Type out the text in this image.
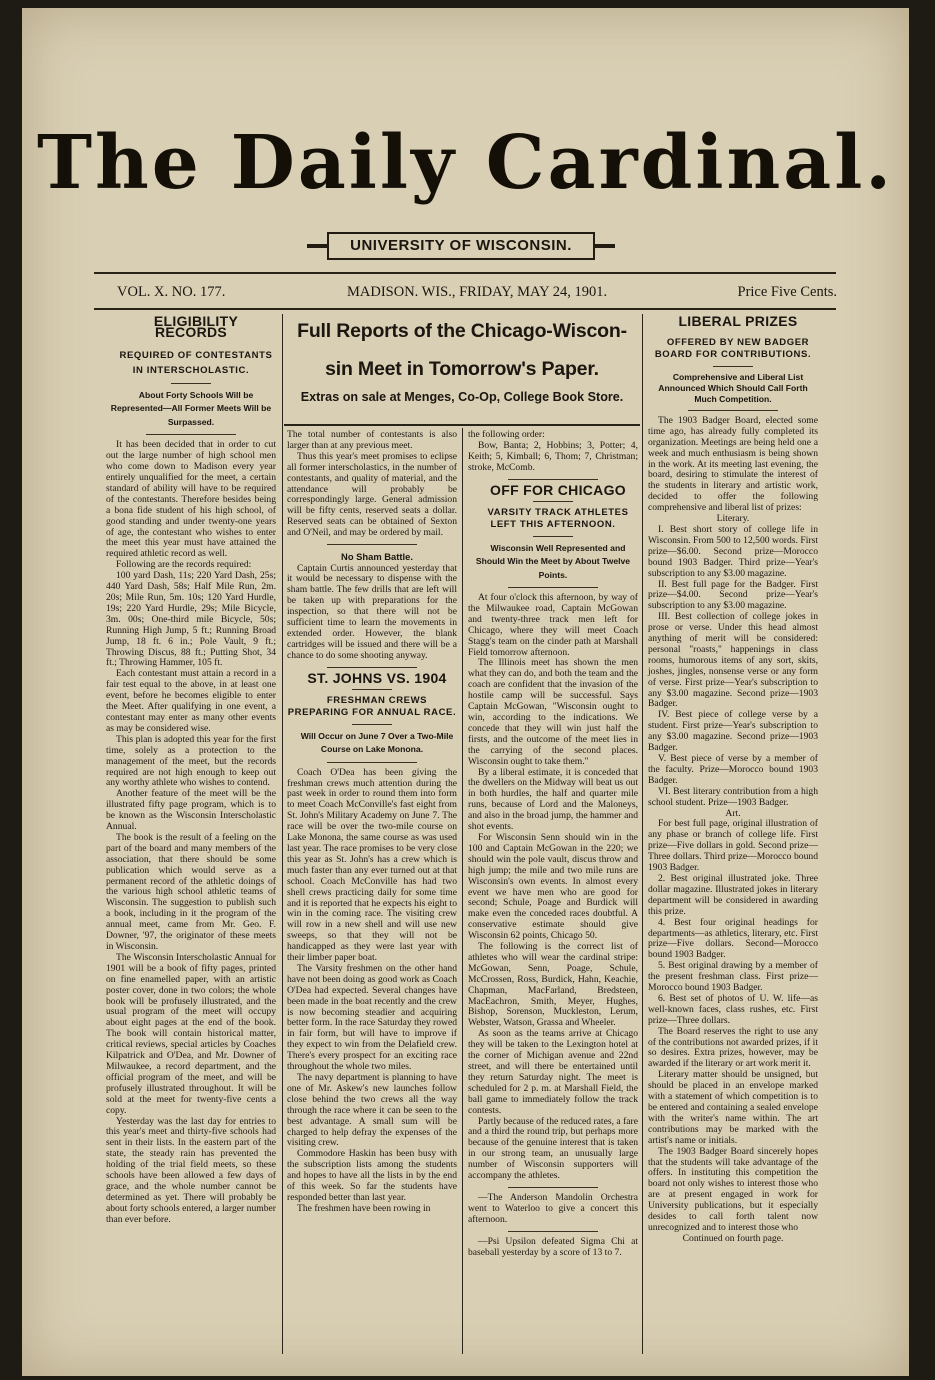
The Daily Cardinal.
UNIVERSITY OF WISCONSIN.
VOL. X. NO. 177.	MADISON. WIS., FRIDAY, MAY 24, 1901.	Price Five Cents.

ELIGIBILITY RECORDS

REQUIRED OF CONTESTANTS IN INTERSCHOLASTIC.

About Forty Schools Will be Represented—All Former Meets Will be Surpassed.

It has been decided that in order to cut out the large number of high school men who come down to Madison every year entirely unqualified for the meet, a certain standard of ability will have to be required of the contestants. Therefore besides being a bona fide student of his high school, of good standing and under twenty-one years of age, the contestant who wishes to enter the meet this year must have attained the required athletic record as well.

Following are the records required:

100 yard Dash, 11s; 220 Yard Dash, 25s; 440 Yard Dash, 58s; Half Mile Run, 2m. 20s; Mile Run, 5m. 10s; 120 Yard Hurdle, 19s; 220 Yard Hurdle, 29s; Mile Bicycle, 3m. 00s; One-third mile Bicycle, 50s; Running High Jump, 5 ft.; Running Broad Jump, 18 ft. 6 in.; Pole Vault, 9 ft.; Throwing Discus, 88 ft.; Putting Shot, 34 ft.; Throwing Hammer, 105 ft.

Each contestant must attain a record in a fair test equal to the above, in at least one event, before he becomes eligible to enter the Meet. After qualifying in one event, a contestant may enter as many other events as may be considered wise.

This plan is adopted this year for the first time, solely as a protection to the management of the meet, but the records required are not high enough to keep out any worthy athlete who wishes to contend.

Another feature of the meet will be the illustrated fifty page program, which is to be known as the Wisconsin Interscholastic Annual.

The book is the result of a feeling on the part of the board and many members of the association, that there should be some publication which would serve as a permanent record of the athletic doings of the various high school athletic teams of Wisconsin. The suggestion to publish such a book, including in it the program of the annual meet, came from Mr. Geo. F. Downer, '97, the originator of these meets in Wisconsin.

The Wisconsin Interscholastic Annual for 1901 will be a book of fifty pages, printed on fine enamelled paper, with an artistic poster cover, done in two colors; the whole book will be profusely illustrated, and the usual program of the meet will occupy about eight pages at the end of the book. The book will contain historical matter, critical reviews, special articles by Coaches Kilpatrick and O'Dea, and Mr. Downer of Milwaukee, a record department, and the official program of the meet, and will be profusely illustrated throughout. It will be sold at the meet for twenty-five cents a copy.

Yesterday was the last day for entries to this year's meet and thirty-five schools had sent in their lists. In the eastern part of the state, the steady rain has prevented the holding of the trial field meets, so these schools have been allowed a few days of grace, and the whole number cannot be determined as yet. There will probably be about forty schools entered, a larger number than ever before.

Full Reports of the Chicago-Wiscon-
sin Meet in Tomorrow's Paper.
Extras on sale at Menges, Co-Op, College Book Store.

The total number of contestants is also larger than at any previous meet.

Thus this year's meet promises to eclipse all former interscholastics, in the number of contestants, and quality of material, and the attendance will probably be correspondingly large. General admission will be fifty cents, reserved seats a dollar. Reserved seats can be obtained of Sexton and O'Neil, and may be ordered by mail.

No Sham Battle.

Captain Curtis announced yesterday that it would be necessary to dispense with the sham battle. The few drills that are left will be taken up with preparations for the inspection, so that there will not be sufficient time to learn the movements in extended order. However, the blank cartridges will be issued and there will be a chance to do some shooting anyway.

ST. JOHNS VS. 1904

FRESHMAN CREWS PREPARING FOR ANNUAL RACE.

Will Occur on June 7 Over a Two-Mile Course on Lake Monona.

Coach O'Dea has been giving the freshman crews much attention during the past week in order to round them into form to meet Coach McConville's fast eight from St. John's Military Academy on June 7. The race will be over the two-mile course on Lake Monona, the same course as was used last year. The race promises to be very close this year as St. John's has a crew which is much faster than any ever turned out at that school. Coach McConville has had two shell crews practicing daily for some time and it is reported that he expects his eight to win in the coming race. The visiting crew will row in a new shell and will use new sweeps, so that they will not be handicapped as they were last year with their limber paper boat.

The Varsity freshmen on the other hand have not been doing as good work as Coach O'Dea had expected. Several changes have been made in the boat recently and the crew is now becoming steadier and acquiring better form. In the race Saturday they rowed in fair form, but will have to improve if they expect to win from the Delafield crew. There's every prospect for an exciting race throughout the whole two miles.

The navy department is planning to have one of Mr. Askew's new launches follow close behind the two crews all the way through the race where it can be seen to the best advantage. A small sum will be charged to help defray the expenses of the visiting crew.

Commodore Haskin has been busy with the subscription lists among the students and hopes to have all the lists in by the end of this week. So far the students have responded better than last year.

The freshmen have been rowing in

the following order:

Bow, Banta; 2, Hobbins; 3, Potter; 4, Keith; 5, Kimball; 6, Thom; 7, Christman; stroke, McComb.

OFF FOR CHICAGO

VARSITY TRACK ATHLETES LEFT THIS AFTERNOON.

Wisconsin Well Represented and Should Win the Meet by About Twelve Points.

At four o'clock this afternoon, by way of the Milwaukee road, Captain McGowan and twenty-three track men left for Chicago, where they will meet Coach Stagg's team on the cinder path at Marshall Field tomorrow afternoon.

The Illinois meet has shown the men what they can do, and both the team and the coach are confident that the invasion of the hostile camp will be successful. Says Captain McGowan, "Wisconsin ought to win, according to the indications. We concede that they will win just half the firsts, and the outcome of the meet lies in the carrying of the second places. Wisconsin ought to take them."

By a liberal estimate, it is conceded that the dwellers on the Midway will beat us out in both hurdles, the half and quarter mile runs, because of Lord and the Maloneys, and also in the broad jump, the hammer and shot events.

For Wisconsin Senn should win in the 100 and Captain McGowan in the 220; we should win the pole vault, discus throw and high jump; the mile and two mile runs are Wisconsin's own events. In almost every event we have men who are good for second; Schule, Poage and Burdick will make even the conceded races doubtful. A conservative estimate should give Wisconsin 62 points, Chicago 50.

The following is the correct list of athletes who will wear the cardinal stripe: McGowan, Senn, Poage, Schule, McCrossen, Ross, Burdick, Hahn, Keachie, Chapman, MacFarland, Bredsteen, MacEachron, Smith, Meyer, Hughes, Bishop, Sorenson, Muckleston, Lerum, Webster, Watson, Grassa and Wheeler.

As soon as the teams arrive at Chicago they will be taken to the Lexington hotel at the corner of Michigan avenue and 22nd street, and will there be entertained until they return Saturday night. The meet is scheduled for 2 p. m. at Marshall Field, the ball game to immediately follow the track contests.

Partly because of the reduced rates, a fare and a third the round trip, but perhaps more because of the genuine interest that is taken in our strong team, an unusually large number of Wisconsin supporters will accompany the athletes.

—The Anderson Mandolin Orchestra went to Waterloo to give a concert this afternoon.

—Psi Upsilon defeated Sigma Chi at baseball yesterday by a score of 13 to 7.

LIBERAL PRIZES

OFFERED BY NEW BADGER BOARD FOR CONTRIBUTIONS.

Comprehensive and Liberal List Announced Which Should Call Forth Much Competition.

The 1903 Badger Board, elected some time ago, has already fully completed its organization. Meetings are being held one a week and much enthusiasm is being shown in the work. At its meeting last evening, the board, desiring to stimulate the interest of the students in literary and artistic work, decided to offer the following comprehensive and liberal list of prizes:

Literary.

I. Best short story of college life in Wisconsin. From 500 to 12,500 words. First prize—$6.00. Second prize—Morocco bound 1903 Badger. Third prize—Year's subscription to any $3.00 magazine.

II. Best full page for the Badger. First prize—$4.00. Second prize—Year's subscription to any $3.00 magazine.

III. Best collection of college jokes in prose or verse. Under this head almost anything of merit will be considered: personal "roasts," happenings in class rooms, humorous items of any sort, skits, joshes, jingles, nonsense verse or any form of verse. First prize—Year's subscription to any $3.00 magazine. Second prize—1903 Badger.

IV. Best piece of college verse by a student. First prize—Year's subscription to any $3.00 magazine. Second prize—1903 Badger.

V. Best piece of verse by a member of the faculty. Prize—Morocco bound 1903 Badger.

VI. Best literary contribution from a high school student. Prize—1903 Badger.

Art.

For best full page, original illustration of any phase or branch of college life. First prize—Five dollars in gold. Second prize—Three dollars. Third prize—Morocco bound 1903 Badger.

2. Best original illustrated joke. Three dollar magazine. Illustrated jokes in literary department will be considered in awarding this prize.

4. Best four original headings for departments—as athletics, literary, etc. First prize—Five dollars. Second—Morocco bound 1903 Badger.

5. Best original drawing by a member of the present freshman class. First prize—Morocco bound 1903 Badger.

6. Best set of photos of U. W. life—as well-known faces, class rushes, etc. First prize—Three dollars.

The Board reserves the right to use any of the contributions not awarded prizes, if it so desires. Extra prizes, however, may be awarded if the literary or art work merit it.

Literary matter should be unsigned, but should be placed in an envelope marked with a statement of which competition is to be entered and containing a sealed envelope with the writer's name within. The art contributions may be marked with the artist's name or initials.

The 1903 Badger Board sincerely hopes that the students will take advantage of the offers. In instituting this competition the board not only wishes to interest those who are at present engaged in work for University publications, but it especially desides to call forth talent now unrecognized and to interest those who

Continued on fourth page.
